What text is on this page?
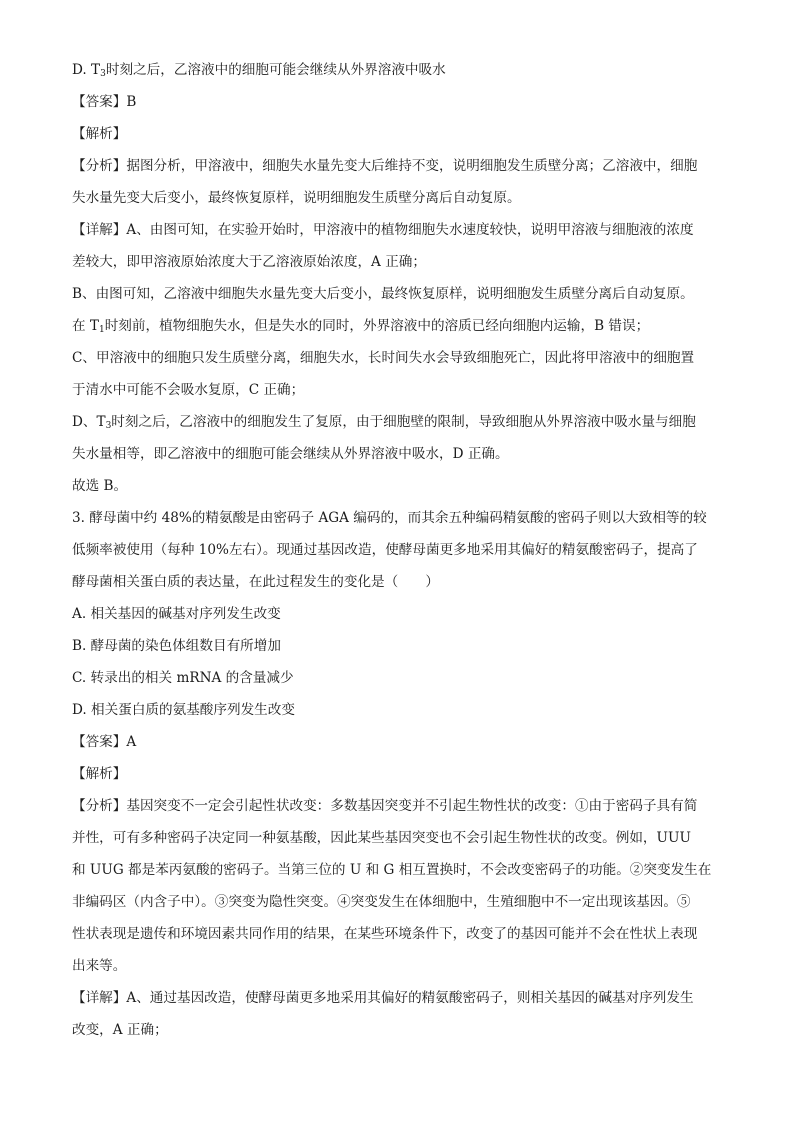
D. $T_3$时刻之后，乙溶液中的细胞可能会继续从外界溶液中吸水
【答案】B
【解析】
【分析】据图分析，甲溶液中，细胞失水量先变大后维持不变，说明细胞发生质壁分离；乙溶液中，细胞
失水量先变大后变小，最终恢复原样，说明细胞发生质壁分离后自动复原。
【详解】A、由图可知，在实验开始时，甲溶液中的植物细胞失水速度较快，说明甲溶液与细胞液的浓度
差较大，即甲溶液原始浓度大于乙溶液原始浓度，A 正确；
B、由图可知，乙溶液中细胞失水量先变大后变小，最终恢复原样，说明细胞发生质壁分离后自动复原。
在 $T_1$时刻前，植物细胞失水，但是失水的同时，外界溶液中的溶质已经向细胞内运输，B 错误；
C、甲溶液中的细胞只发生质壁分离，细胞失水，长时间失水会导致细胞死亡，因此将甲溶液中的细胞置
于清水中可能不会吸水复原，C 正确；
D、$T_3$时刻之后，乙溶液中的细胞发生了复原，由于细胞壁的限制，导致细胞从外界溶液中吸水量与细胞
失水量相等，即乙溶液中的细胞可能会继续从外界溶液中吸水，D 正确。
故选 B。
3. 酵母菌中约 48%的精氨酸是由密码子 AGA 编码的，而其余五种编码精氨酸的密码子则以大致相等的较
低频率被使用（每种 10%左右）。现通过基因改造，使酵母菌更多地采用其偏好的精氨酸密码子，提高了
酵母菌相关蛋白质的表达量，在此过程发生的变化是（　　）
A. 相关基因的碱基对序列发生改变
B. 酵母菌的染色体组数目有所增加
C. 转录出的相关 mRNA 的含量减少
D. 相关蛋白质的氨基酸序列发生改变
【答案】A
【解析】
【分析】基因突变不一定会引起性状改变：多数基因突变并不引起生物性状的改变：①由于密码子具有简
并性，可有多种密码子决定同一种氨基酸，因此某些基因突变也不会引起生物性状的改变。例如，UUU
和 UUG 都是苯丙氨酸的密码子。当第三位的 U 和 G 相互置换时，不会改变密码子的功能。②突变发生在
非编码区（内含子中）。③突变为隐性突变。④突变发生在体细胞中，生殖细胞中不一定出现该基因。⑤
性状表现是遗传和环境因素共同作用的结果，在某些环境条件下，改变了的基因可能并不会在性状上表现
出来等。
【详解】A、通过基因改造，使酵母菌更多地采用其偏好的精氨酸密码子，则相关基因的碱基对序列发生
改变，A 正确；
